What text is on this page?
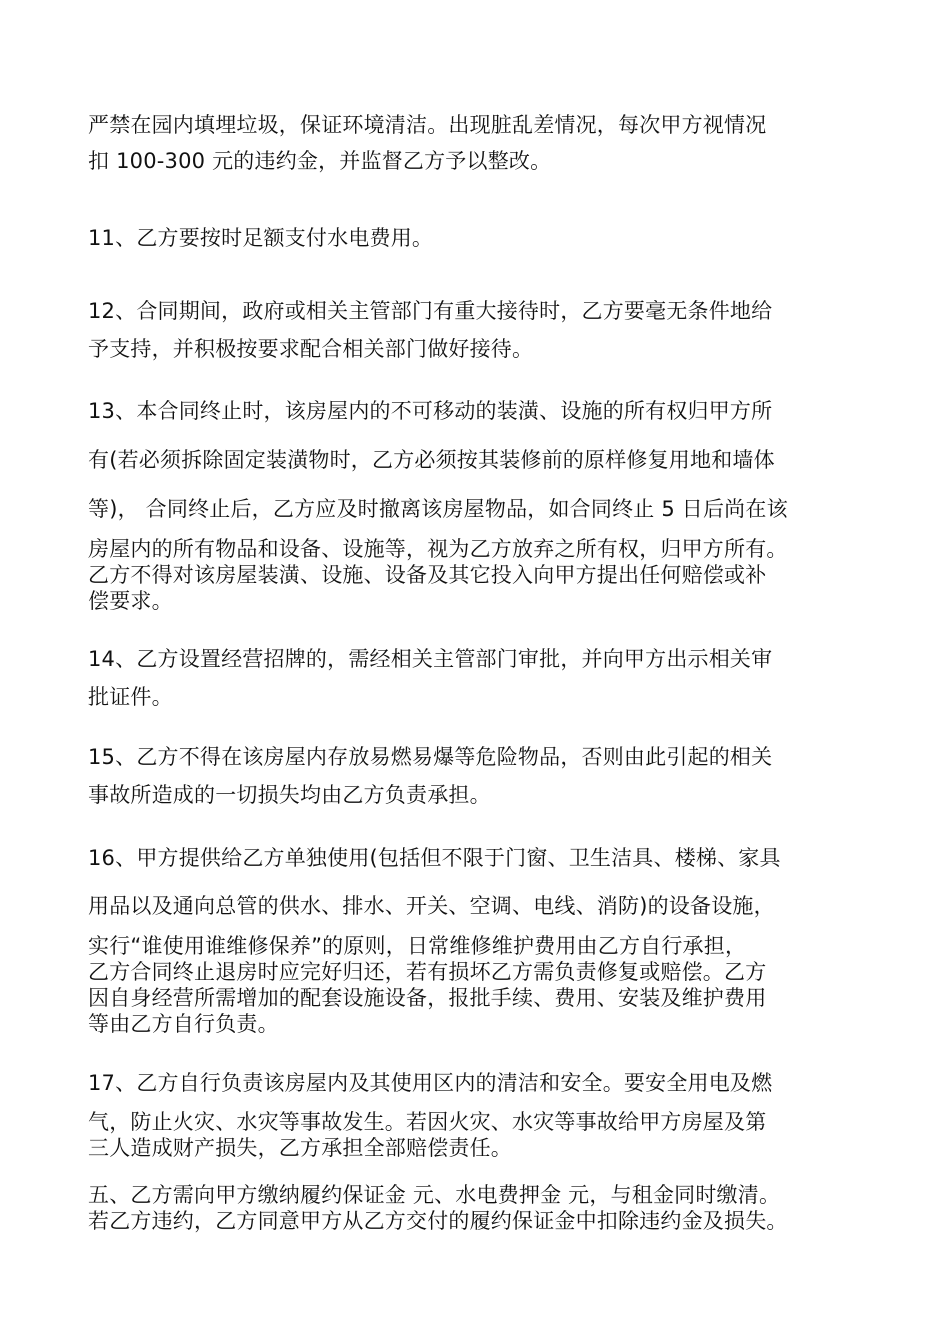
严禁在园内填埋垃圾，保证环境清洁。出现脏乱差情况，每次甲方视情况
扣 100-300 元的违约金，并监督乙方予以整改。
11、乙方要按时足额支付水电费用。
12、合同期间，政府或相关主管部门有重大接待时，乙方要毫无条件地给
予支持，并积极按要求配合相关部门做好接待。
13、本合同终止时，该房屋内的不可移动的装潢、设施的所有权归甲方所
有(若必须拆除固定装潢物时，乙方必须按其装修前的原样修复用地和墙体
等)， 合同终止后，乙方应及时撤离该房屋物品，如合同终止 5 日后尚在该
房屋内的所有物品和设备、设施等，视为乙方放弃之所有权，归甲方所有。
乙方不得对该房屋装潢、设施、设备及其它投入向甲方提出任何赔偿或补
偿要求。
14、乙方设置经营招牌的，需经相关主管部门审批，并向甲方出示相关审
批证件。
15、乙方不得在该房屋内存放易燃易爆等危险物品，否则由此引起的相关
事故所造成的一切损失均由乙方负责承担。
16、甲方提供给乙方单独使用(包括但不限于门窗、卫生洁具、楼梯、家具
用品以及通向总管的供水、排水、开关、空调、电线、消防)的设备设施，
实行“谁使用谁维修保养”的原则，日常维修维护费用由乙方自行承担，
乙方合同终止退房时应完好归还，若有损坏乙方需负责修复或赔偿。乙方
因自身经营所需增加的配套设施设备，报批手续、费用、安装及维护费用
等由乙方自行负责。
17、乙方自行负责该房屋内及其使用区内的清洁和安全。要安全用电及燃
气，防止火灾、水灾等事故发生。若因火灾、水灾等事故给甲方房屋及第
三人造成财产损失，乙方承担全部赔偿责任。
五、乙方需向甲方缴纳履约保证金 元、水电费押金 元，与租金同时缴清。
若乙方违约，乙方同意甲方从乙方交付的履约保证金中扣除违约金及损失。
